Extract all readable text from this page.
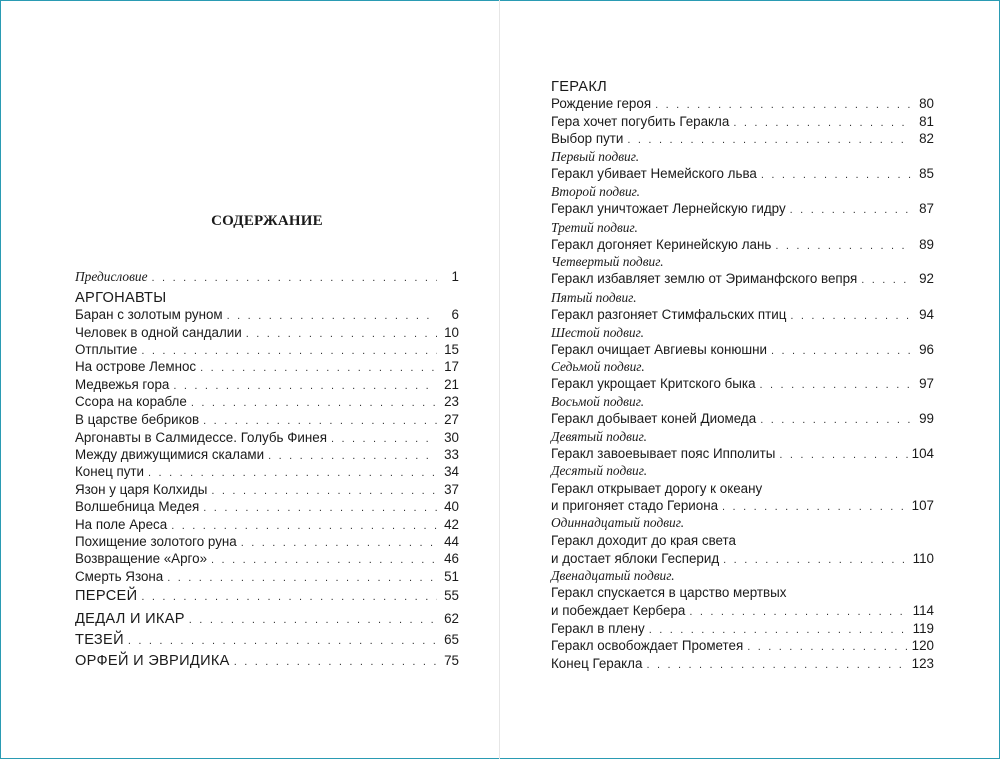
СОДЕРЖАНИЕ
Предисловие . . .	1
АРГОНАВТЫ
Баран с золотым руном . . .	6
Человек в одной сандалии . . .	10
Отплытие . . .	15
На острове Лемнос . . .	17
Медвежья гора . . .	21
Ссора на корабле . . .	23
В царстве бебриков . . .	27
Аргонавты в Салмидессе. Голубь Финея . . .	30
Между движущимися скалами . . .	33
Конец пути . . .	34
Язон у царя Колхиды . . .	37
Волшебница Медея . . .	40
На поле Ареса . . .	42
Похищение золотого руна . . .	44
Возвращение «Арго» . . .	46
Смерть Язона . . .	51
ПЕРСЕЙ . . .	55
ДЕДАЛ И ИКАР . . .	62
ТЕЗЕЙ . . .	65
ОРФЕЙ И ЭВРИДИКА . . .	75
ГЕРАКЛ
Рождение героя . . .	80
Гера хочет погубить Геракла . . .	81
Выбор пути . . .	82
Первый подвиг.
Геракл убивает Немейского льва . . .	85
Второй подвиг.
Геракл уничтожает Лернейскую гидру . . .	87
Третий подвиг.
Геракл догоняет Керинейскую лань . . .	89
Четвертый подвиг.
Геракл избавляет землю от Эриманфского вепря . . .	92
Пятый подвиг.
Геракл разгоняет Стимфальских птиц . . .	94
Шестой подвиг.
Геракл очищает Авгиевы конюшни . . .	96
Седьмой подвиг.
Геракл укрощает Критского быка . . .	97
Восьмой подвиг.
Геракл добывает коней Диомеда . . .	99
Девятый подвиг.
Геракл завоевывает пояс Ипполиты . . .	104
Десятый подвиг.
Геракл открывает дорогу к океану
и пригоняет стадо Гериона . . .	107
Одиннадцатый подвиг.
Геракл доходит до края света
и достает яблоки Гесперид . . .	110
Двенадцатый подвиг.
Геракл спускается в царство мертвых
и побеждает Кербера . . .	114
Геракл в плену . . .	119
Геракл освобождает Прометея . . .	120
Конец Геракла . . .	123
